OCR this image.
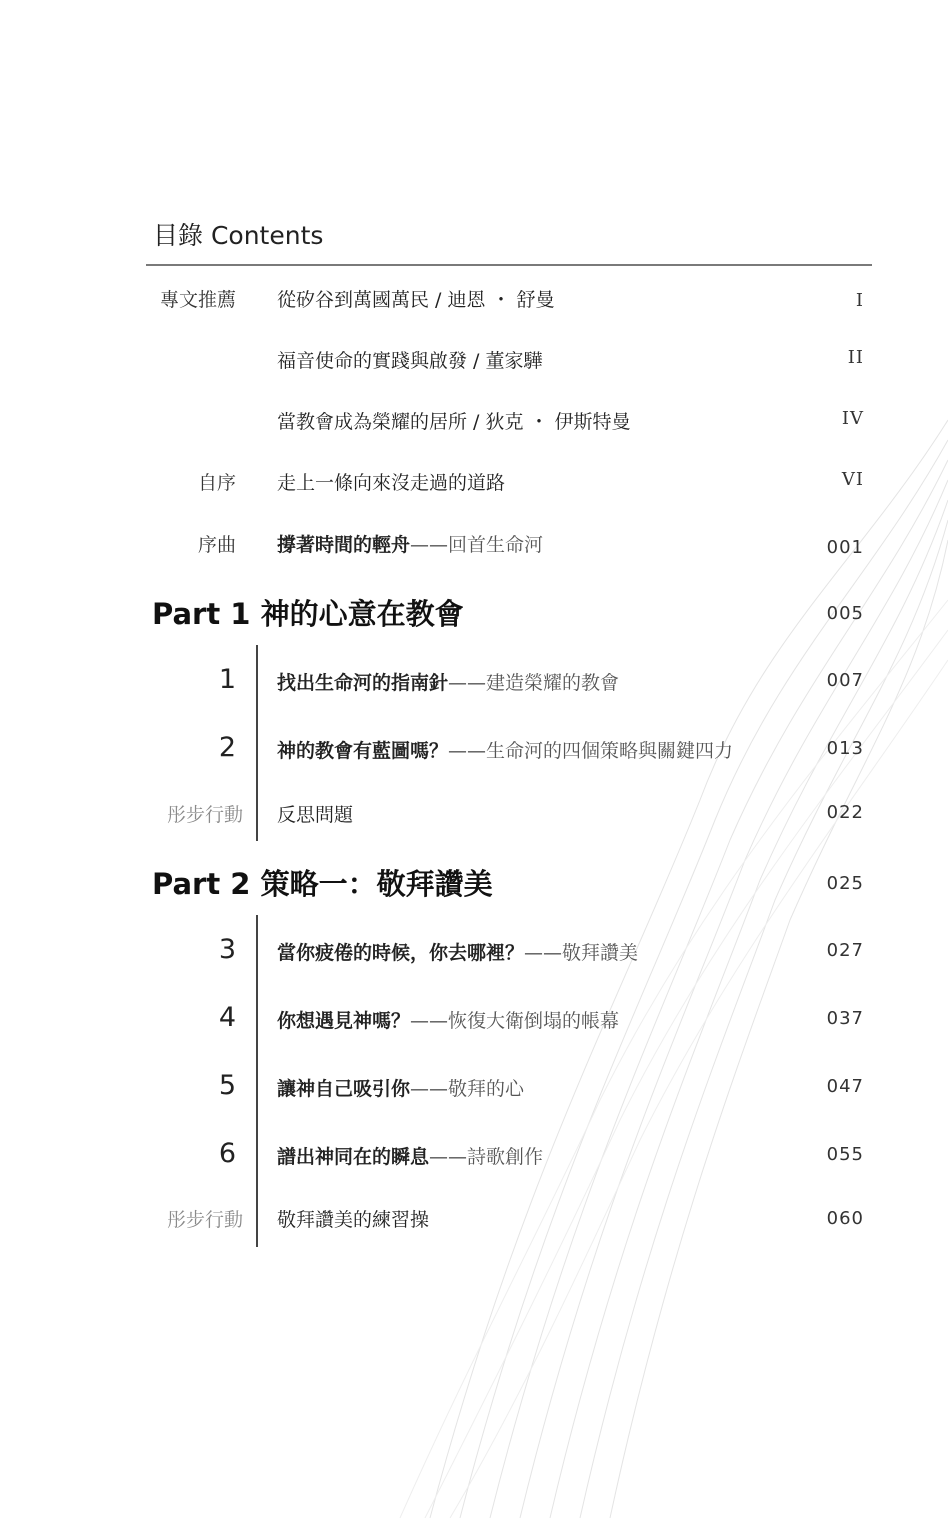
目錄 Contents
專文推薦 從矽谷到萬國萬民 / 迪恩 ・ 舒曼	I
福音使命的實踐與啟發 / 董家驊	II
當教會成為榮耀的居所 / 狄克 ・ 伊斯特曼	IV
自序 走上一條向來沒走過的道路	VI
序曲 撐著時間的輕舟——回首生命河	001
Part 1 神的心意在教會	005
1 找出生命河的指南針——建造榮耀的教會	007
2 神的教會有藍圖嗎？——生命河的四個策略與關鍵四力	013
彤步行動 反思問題	022
Part 2 策略一：敬拜讚美	025
3 當你疲倦的時候，你去哪裡？——敬拜讚美	027
4 你想遇見神嗎？——恢復大衛倒塌的帳幕	037
5 讓神自己吸引你——敬拜的心	047
6 譜出神同在的瞬息——詩歌創作	055
彤步行動 敬拜讚美的練習操	060
